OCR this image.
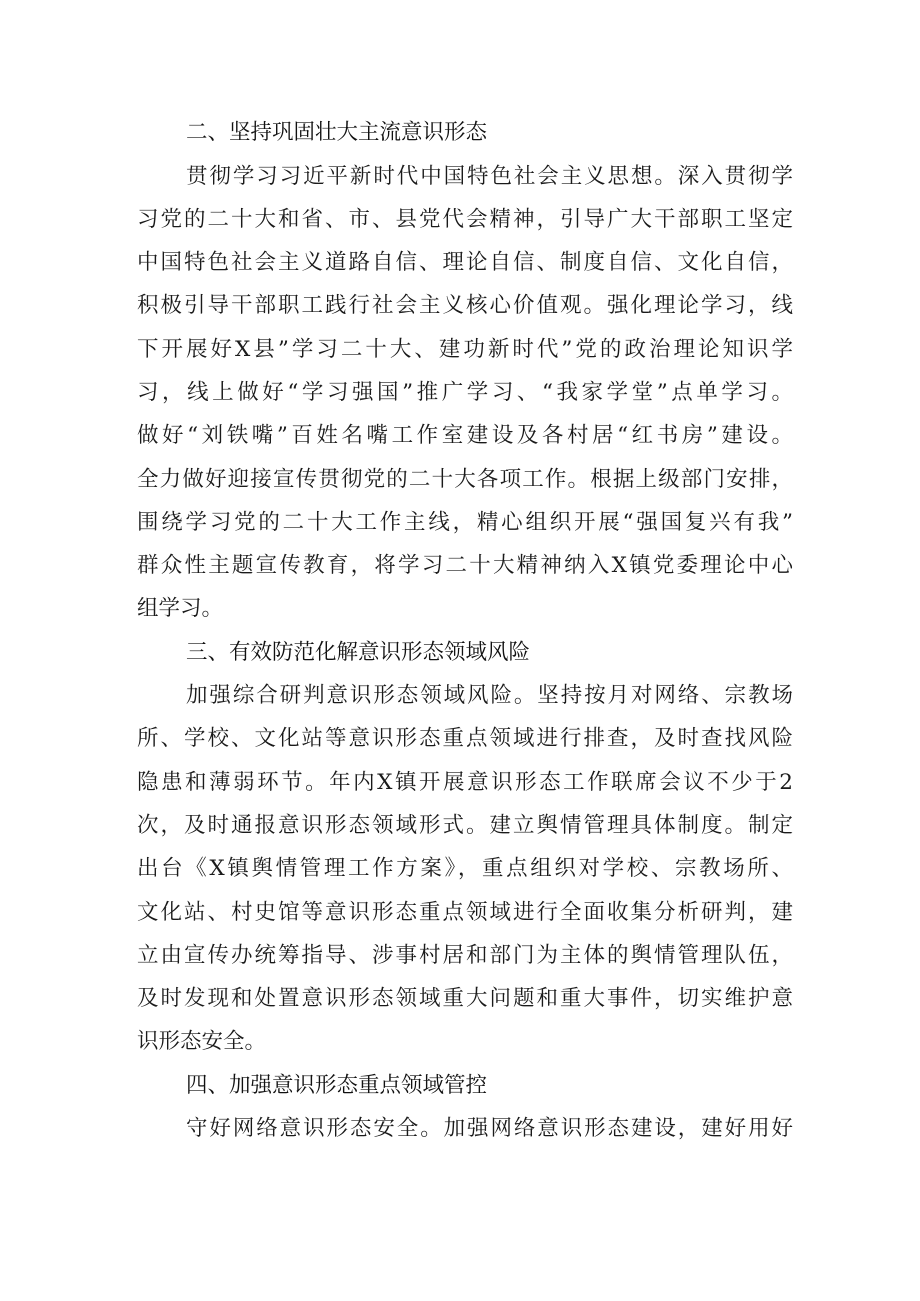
二、坚持巩固壮大主流意识形态
贯彻学习习近平新时代中国特色社会主义思想。深入贯彻学
习党的二十大和省、市、县党代会精神，引导广大干部职工坚定
中国特色社会主义道路自信、理论自信、制度自信、文化自信，
积极引导干部职工践行社会主义核心价值观。强化理论学习，线
下开展好X县”学习二十大、建功新时代”党的政治理论知识学
习，线上做好“学习强国”推广学习、“我家学堂”点单学习。
做好“刘铁嘴”百姓名嘴工作室建设及各村居“红书房”建设。
全力做好迎接宣传贯彻党的二十大各项工作。根据上级部门安排，
围绕学习党的二十大工作主线，精心组织开展“强国复兴有我”
群众性主题宣传教育，将学习二十大精神纳入X镇党委理论中心
组学习。
三、有效防范化解意识形态领域风险
加强综合研判意识形态领域风险。坚持按月对网络、宗教场
所、学校、文化站等意识形态重点领域进行排查，及时查找风险
隐患和薄弱环节。年内X镇开展意识形态工作联席会议不少于2
次，及时通报意识形态领域形式。建立舆情管理具体制度。制定
出台《X镇舆情管理工作方案》，重点组织对学校、宗教场所、
文化站、村史馆等意识形态重点领域进行全面收集分析研判，建
立由宣传办统筹指导、涉事村居和部门为主体的舆情管理队伍，
及时发现和处置意识形态领域重大问题和重大事件，切实维护意
识形态安全。
四、加强意识形态重点领域管控
守好网络意识形态安全。加强网络意识形态建设，建好用好
